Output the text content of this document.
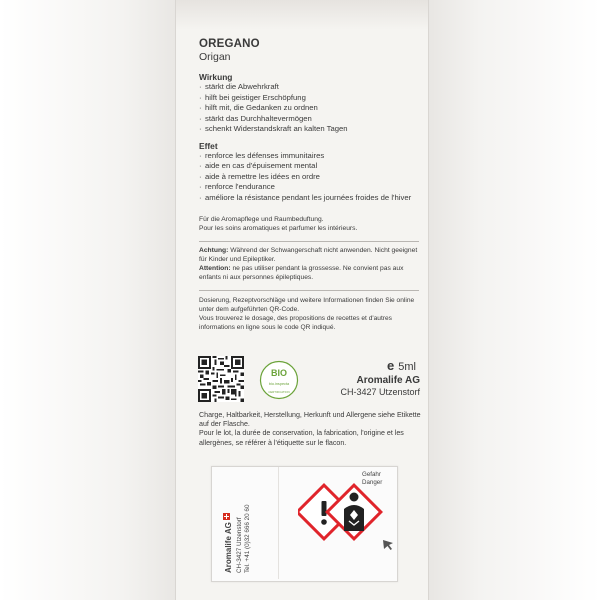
OREGANO
Origan
Wirkung
· stärkt die Abwehrkraft
· hilft bei geistiger Erschöpfung
· hilft mit, die Gedanken zu ordnen
· stärkt das Durchhaltevermögen
· schenkt Widerstandskraft an kalten Tagen
Effet
· renforce les défenses immunitaires
· aide en cas d'épuisement mental
· aide à remettre les idées en ordre
· renforce l'endurance
· améliore la résistance pendant les journées froides de l'hiver
Für die Aromapflege und Raumbeduftung.
Pour les soins aromatiques et parfumer les intérieurs.
Achtung: Während der Schwangerschaft nicht anwenden. Nicht geeignet für Kinder und Epileptiker.
Attention: ne pas utiliser pendant la grossesse. Ne convient pas aux enfants ni aux personnes épileptiques.
Dosierung, Rezeptvorschläge und weitere Informationen finden Sie online unter dem aufgeführten QR-Code.
Vous trouverez le dosage, des propositions de recettes et d'autres informations en ligne sous le code QR indiqué.
BIO
bio.inspecta
CERTIFICATION
e 5ml
Aromalife AG
CH-3427 Utzenstorf
Charge, Haltbarkeit, Herstellung, Herkunft und Allergene siehe Etikette auf der Flasche.
Pour le lot, la durée de conservation, la fabrication, l'origine et les allergènes, se référer à l'étiquette sur le flacon.
Aromalife AG CH-3427 Utzenstorf Tel. +41 (0)32 666 20 60
Gefahr
Danger
